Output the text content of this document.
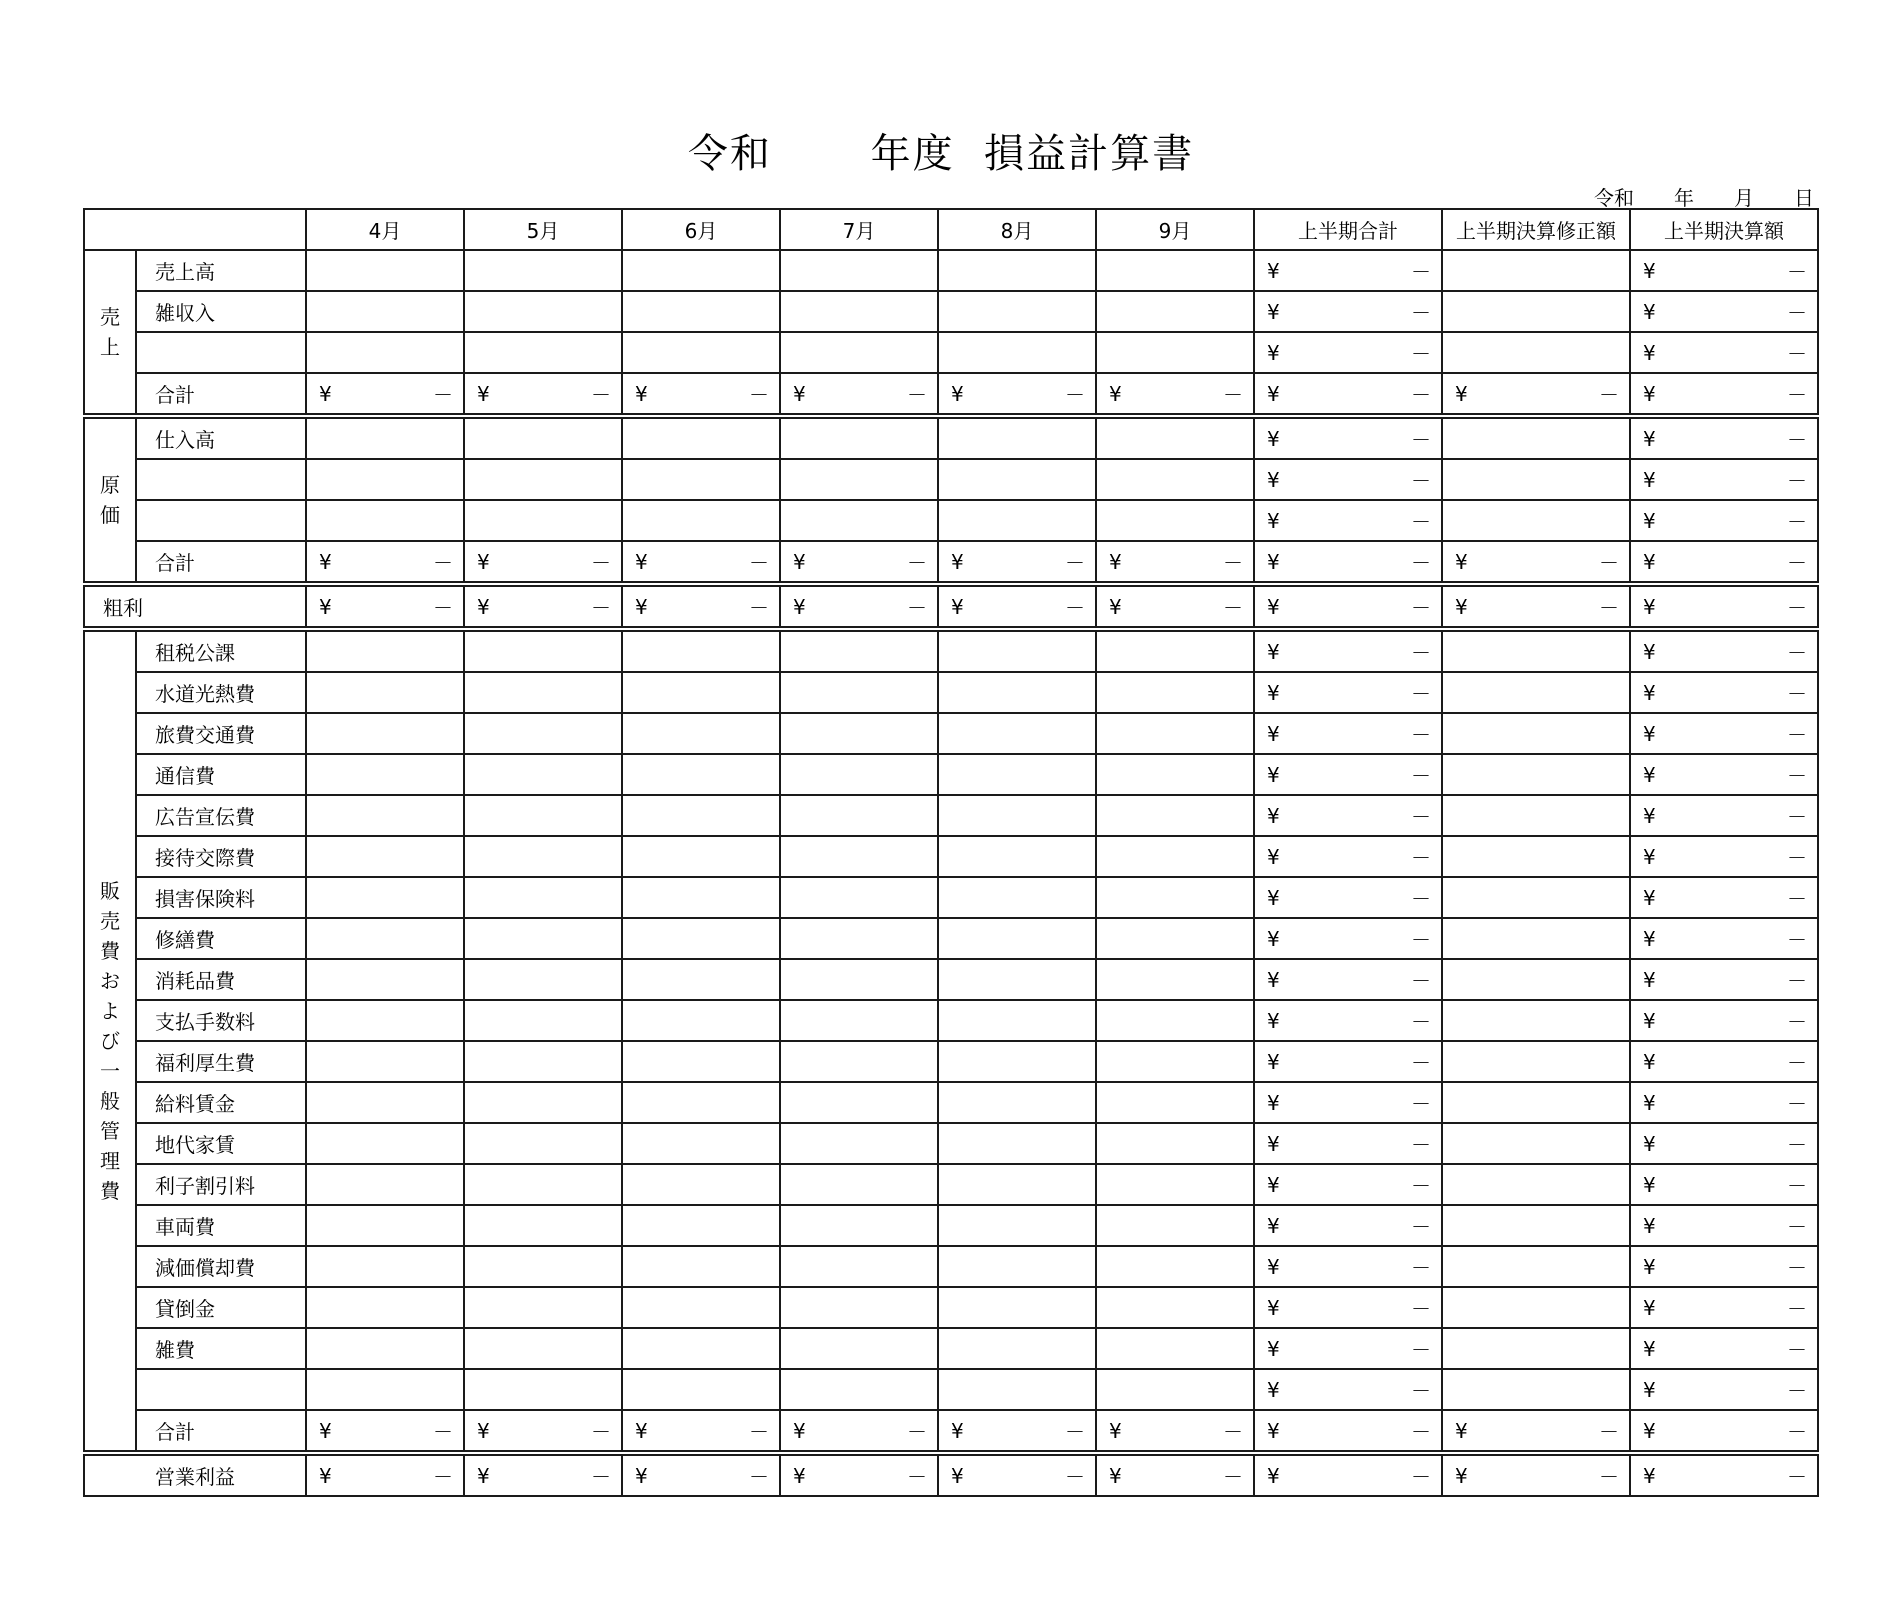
令和　　 年度  損益計算書
令和　　年　　月　　日
		4月	5月	6月	7月	8月	9月	上半期合計	上半期決算修正額	上半期決算額
売上	売上高							¥ －		¥ －

	雑収入							¥ －		¥ －

								¥ －		¥ －

	合計	¥ －	¥ －	¥ －	¥ －	¥ －	¥ －	¥ －	¥ －	¥ －

原価	仕入高							¥ －		¥ －

								¥ －		¥ －

								¥ －		¥ －

	合計	¥ －	¥ －	¥ －	¥ －	¥ －	¥ －	¥ －	¥ －	¥ －

粗利		¥ －	¥ －	¥ －	¥ －	¥ －	¥ －	¥ －	¥ －	¥ －

販売費および一般管理費	租税公課							¥ －		¥ －

	水道光熱費							¥ －		¥ －

	旅費交通費							¥ －		¥ －

	通信費							¥ －		¥ －

	広告宣伝費							¥ －		¥ －

	接待交際費							¥ －		¥ －

	損害保険料							¥ －		¥ －

	修繕費							¥ －		¥ －

	消耗品費							¥ －		¥ －

	支払手数料							¥ －		¥ －

	福利厚生費							¥ －		¥ －

	給料賃金							¥ －		¥ －

	地代家賃							¥ －		¥ －

	利子割引料							¥ －		¥ －

	車両費							¥ －		¥ －

	減価償却費							¥ －		¥ －

	貸倒金							¥ －		¥ －

	雑費							¥ －		¥ －

								¥ －		¥ －

	合計	¥ －	¥ －	¥ －	¥ －	¥ －	¥ －	¥ －	¥ －	¥ －

営業利益		¥ －	¥ －	¥ －	¥ －	¥ －	¥ －	¥ －	¥ －	¥ －
